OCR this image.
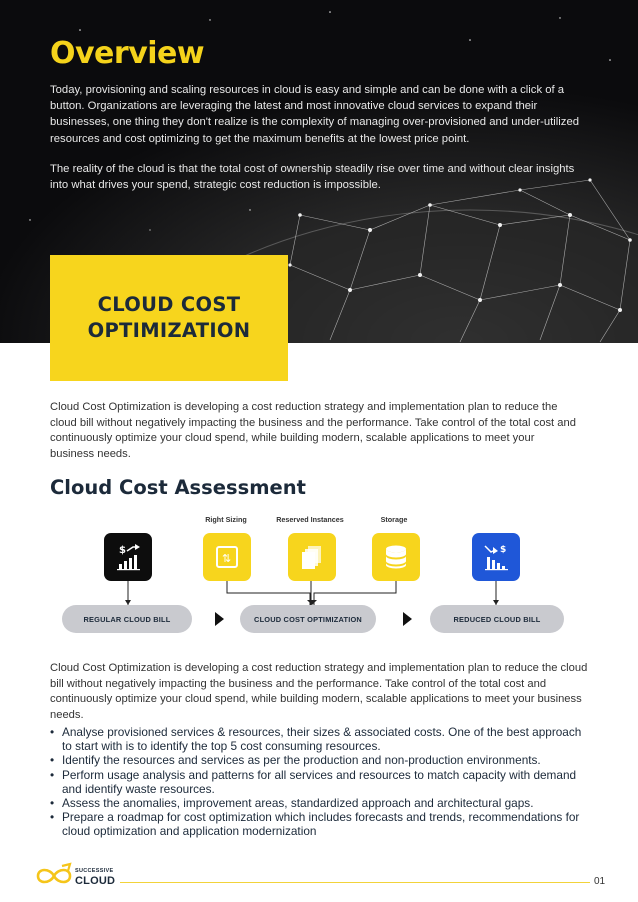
Overview

Today, provisioning and scaling resources in cloud is easy and simple and can be done with a click of a button. Organizations are leveraging the latest and most innovative cloud services to expand their businesses, one thing they don't realize is the complexity of managing over-provisioned and under-utilized resources and cost optimizing to get the maximum benefits at the lowest price point.

The reality of the cloud is that the total cost of ownership steadily rise over time and without clear insights into what drives your spend, strategic cost reduction is impossible.

CLOUD COST
OPTIMIZATION

Cloud Cost Optimization is developing a cost reduction strategy and implementation plan to reduce the cloud bill without negatively impacting the business and the performance. Take control of the total cost and continuously optimize your cloud spend, while building modern, scalable applications to meet your business needs.

Cloud Cost Assessment
Right Sizing	Reserved Instances	Storage
$
⇅
$
REGULAR CLOUD BILL	CLOUD COST OPTIMIZATION	REDUCED CLOUD BILL

Cloud Cost Optimization is developing a cost reduction strategy and implementation plan to reduce the cloud bill without negatively impacting the business and the performance. Take control of the total cost and continuously optimize your cloud spend, while building modern, scalable applications to meet your business needs.

• Analyse provisioned services & resources, their sizes & associated costs. One of the best approach to start with is to identify the top 5 cost consuming resources.
• Identify the resources and services as per the production and non-production environments.
• Perform usage analysis and patterns for all services and resources to match capacity with demand and identify waste resources.
• Assess the anomalies, improvement areas, standardized approach and architectural gaps.
• Prepare a roadmap for cost optimization which includes forecasts and trends, recommendations for cloud optimization and application modernization
SUCCESSIVE
CLOUD	01
